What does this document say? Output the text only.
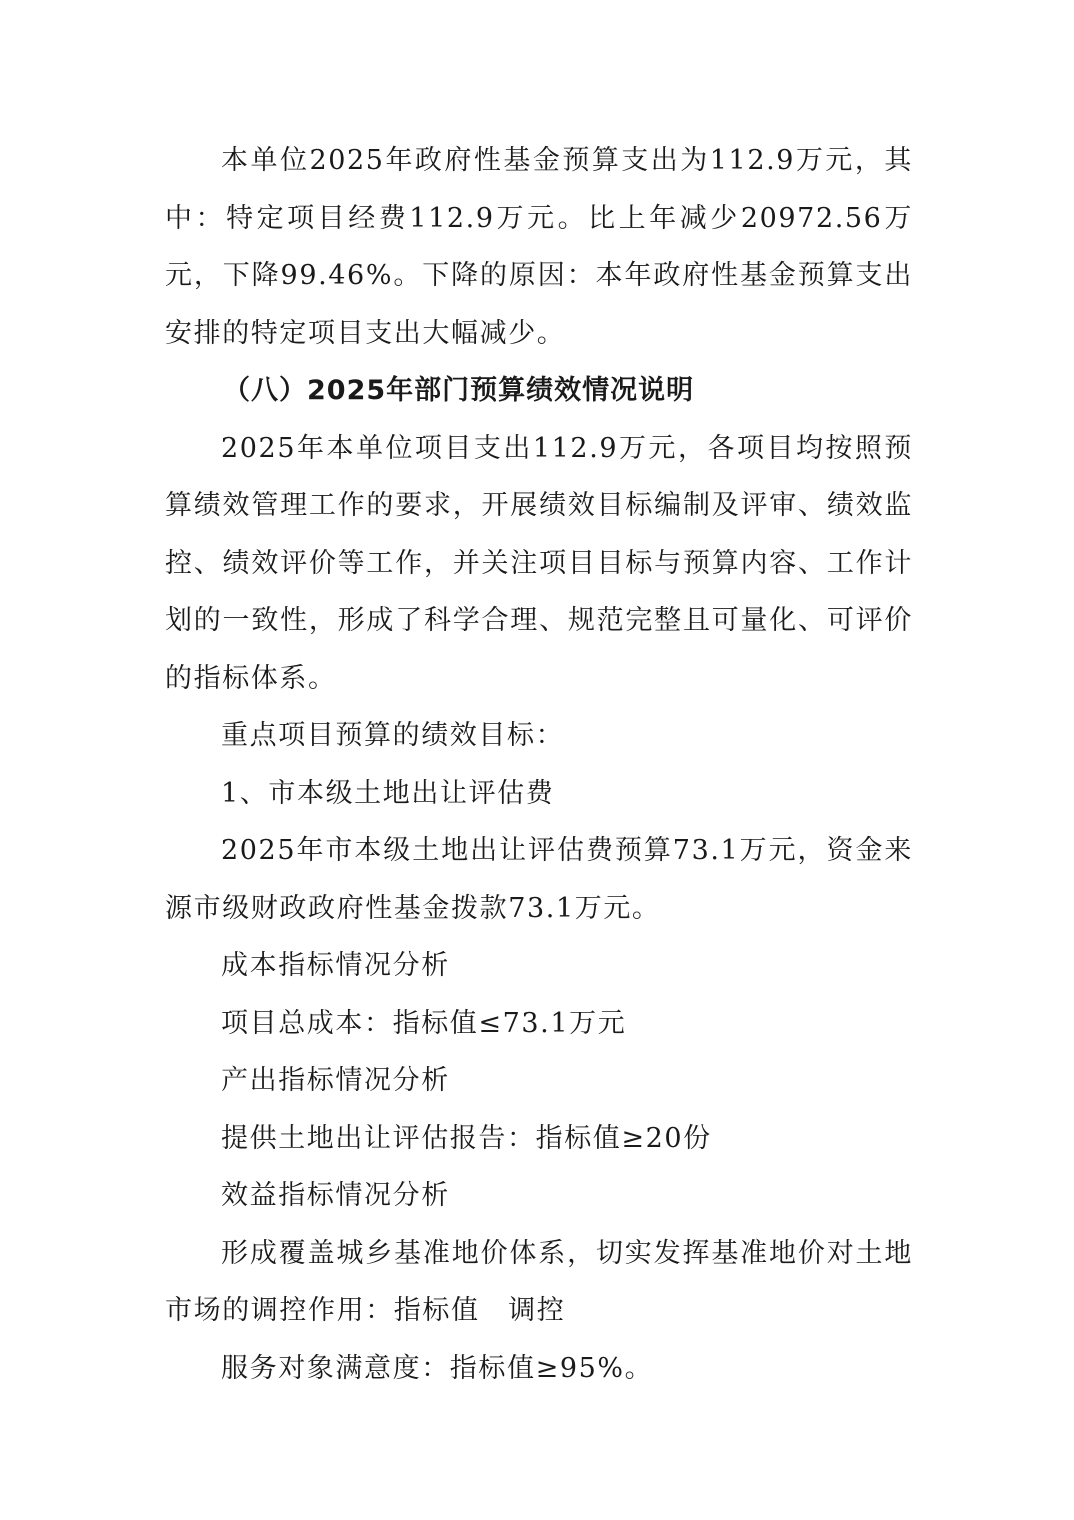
本单位2025年政府性基金预算支出为112.9万元，其中：特定项目经费112.9万元。比上年减少20972.56万元，下降99.46%。下降的原因：本年政府性基金预算支出安排的特定项目支出大幅减少。

（八）2025年部门预算绩效情况说明

2025年本单位项目支出112.9万元，各项目均按照预算绩效管理工作的要求，开展绩效目标编制及评审、绩效监控、绩效评价等工作，并关注项目目标与预算内容、工作计划的一致性，形成了科学合理、规范完整且可量化、可评价的指标体系。

重点项目预算的绩效目标：

1、市本级土地出让评估费

2025年市本级土地出让评估费预算73.1万元，资金来源市级财政政府性基金拨款73.1万元。

成本指标情况分析

项目总成本：指标值≤73.1万元

产出指标情况分析

提供土地出让评估报告：指标值≥20份

效益指标情况分析

形成覆盖城乡基准地价体系，切实发挥基准地价对土地市场的调控作用：指标值　调控

服务对象满意度：指标值≥95%。
